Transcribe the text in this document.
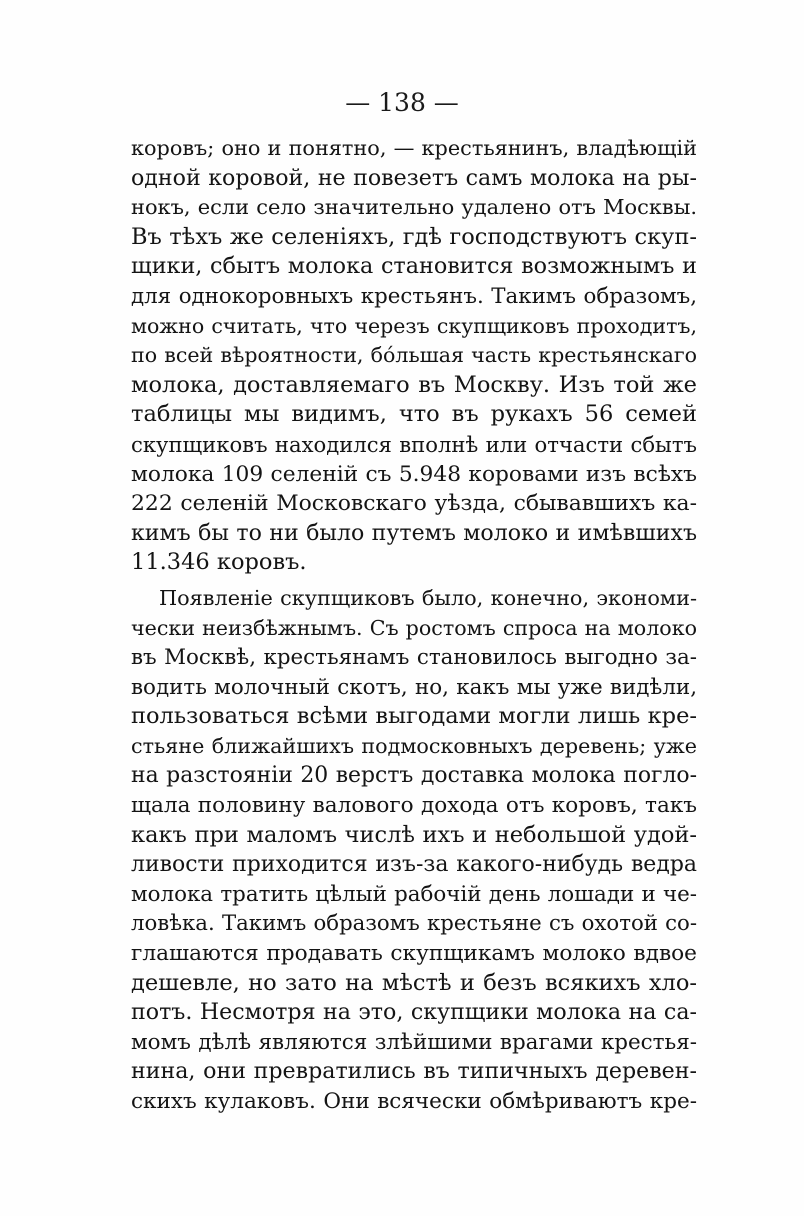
— 138 —

коровъ; оно и понятно, — крестьянинъ, владѣющій
одной коровой, не повезетъ самъ молока на ры-
нокъ, если село значительно удалено отъ Москвы.
Въ тѣхъ же селеніяхъ, гдѣ господствуютъ скуп-
щики, сбытъ молока становится возможнымъ и
для однокоровныхъ крестьянъ. Такимъ образомъ,
можно считать, что черезъ скупщиковъ проходитъ,
по всей вѣроятности, бо́льшая часть крестьянскаго
молока, доставляемаго въ Москву. Изъ той же
таблицы мы видимъ, что въ рукахъ 56 семей
скупщиковъ находился вполнѣ или отчасти сбытъ
молока 109 селеній съ 5.948 коровами изъ всѣхъ
222 селеній Московскаго уѣзда, сбывавшихъ ка-
кимъ бы то ни было путемъ молоко и имѣвшихъ
11.346 коровъ.
Появленіе скупщиковъ было, конечно, экономи-
чески неизбѣжнымъ. Съ ростомъ спроса на молоко
въ Москвѣ, крестьянамъ становилось выгодно за-
водить молочный скотъ, но, какъ мы уже видѣли,
пользоваться всѣми выгодами могли лишь кре-
стьяне ближайшихъ подмосковныхъ деревень; уже
на разстояніи 20 верстъ доставка молока погло-
щала половину валового дохода отъ коровъ, такъ
какъ при маломъ числѣ ихъ и небольшой удой-
ливости приходится изъ-за какого-нибудь ведра
молока тратить цѣлый рабочій день лошади и че-
ловѣка. Такимъ образомъ крестьяне съ охотой со-
глашаются продавать скупщикамъ молоко вдвое
дешевле, но зато на мѣстѣ и безъ всякихъ хло-
потъ. Несмотря на это, скупщики молока на са-
момъ дѣлѣ являются злѣйшими врагами крестья-
нина, они превратились въ типичныхъ деревен-
скихъ кулаковъ. Они всячески обмѣриваютъ кре-
